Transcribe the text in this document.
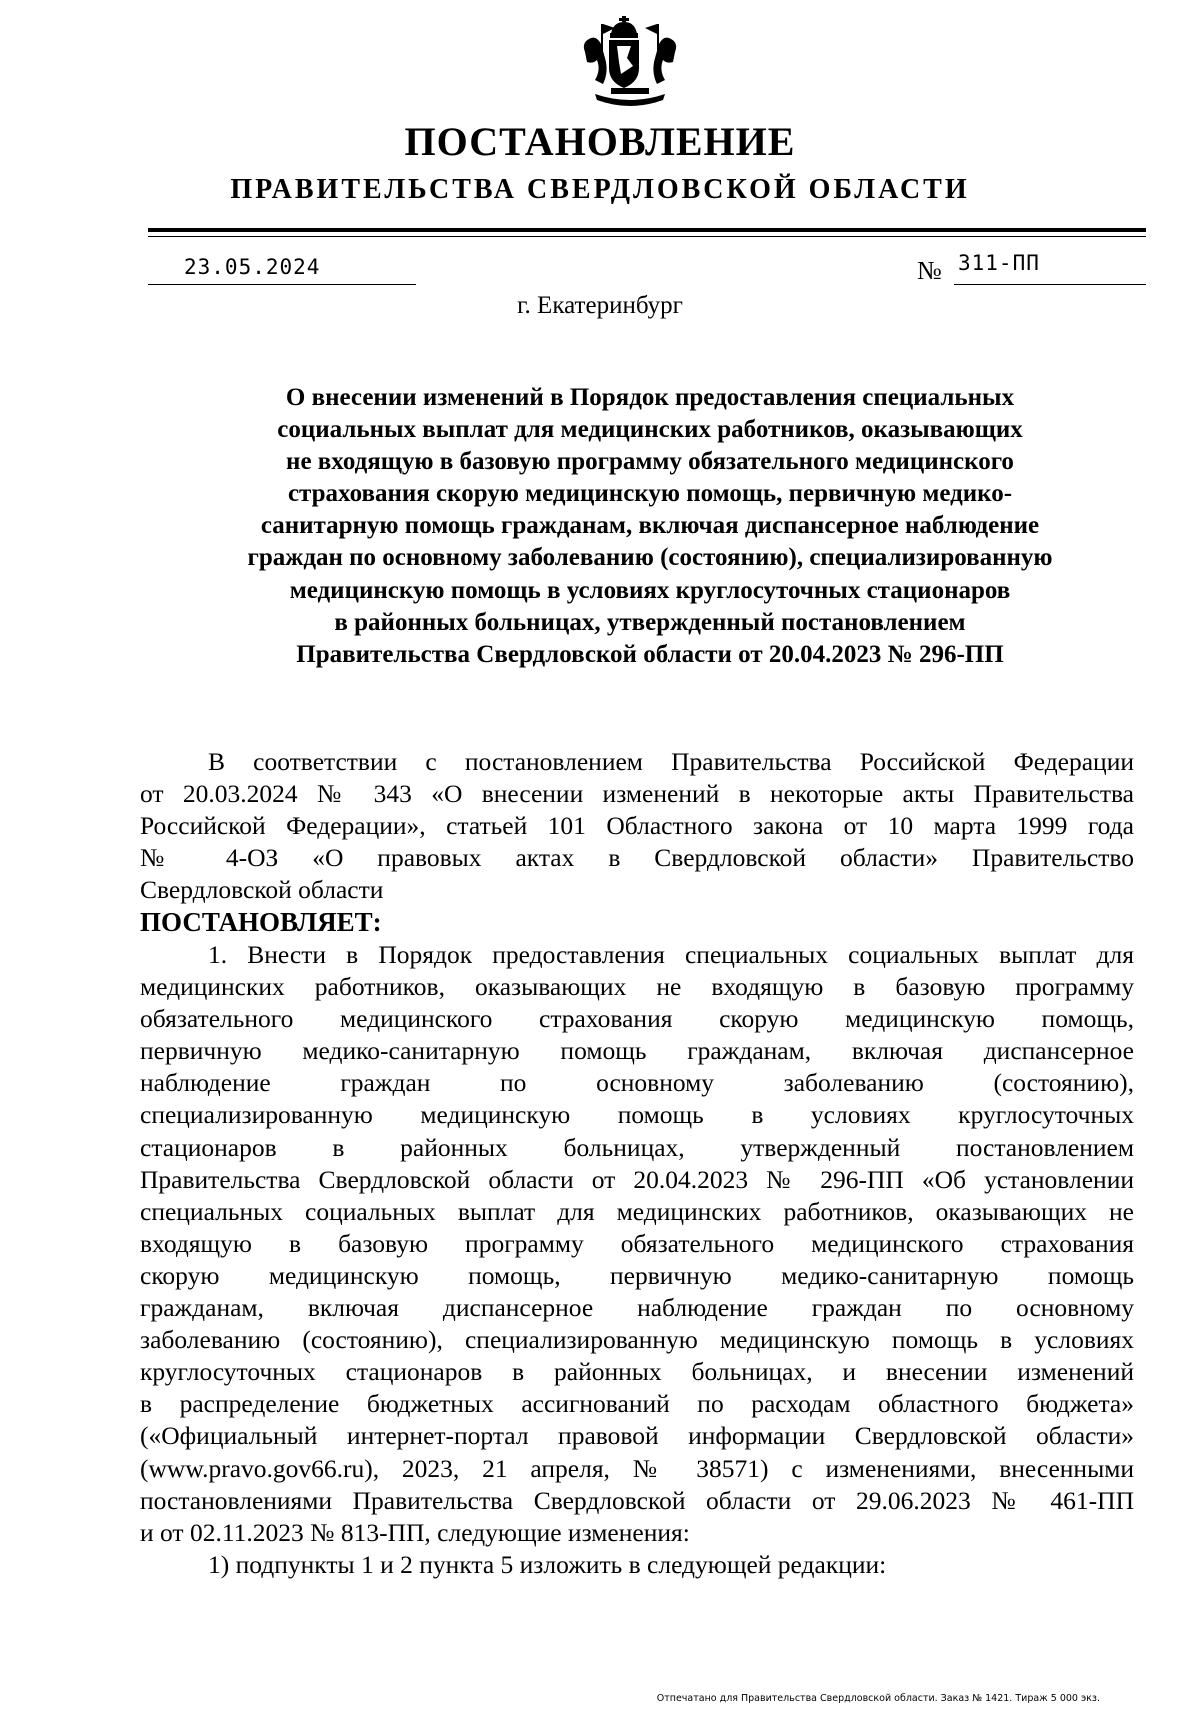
ПОСТАНОВЛЕНИЕ
ПРАВИТЕЛЬСТВА СВЕРДЛОВСКОЙ ОБЛАСТИ
23.05.2024	№ 311-ПП
г. Екатеринбург
О внесении изменений в Порядок предоставления специальных
социальных выплат для медицинских работников, оказывающих
не входящую в базовую программу обязательного медицинского
страхования скорую медицинскую помощь, первичную медико-
санитарную помощь гражданам, включая диспансерное наблюдение
граждан по основному заболеванию (состоянию), специализированную
медицинскую помощь в условиях круглосуточных стационаров
в районных больницах, утвержденный постановлением
Правительства Свердловской области от 20.04.2023 № 296-ПП
В соответствии с постановлением Правительства Российской Федерации
от 20.03.2024 № 343 «О внесении изменений в некоторые акты Правительства
Российской Федерации», статьей 101 Областного закона от 10 марта 1999 года
№ 4-ОЗ «О правовых актах в Свердловской области» Правительство
Свердловской области
ПОСТАНОВЛЯЕТ:
1. Внести в Порядок предоставления специальных социальных выплат для
медицинских работников, оказывающих не входящую в базовую программу
обязательного медицинского страхования скорую медицинскую помощь,
первичную медико-санитарную помощь гражданам, включая диспансерное
наблюдение граждан по основному заболеванию (состоянию),
специализированную медицинскую помощь в условиях круглосуточных
стационаров в районных больницах, утвержденный постановлением
Правительства Свердловской области от 20.04.2023 № 296-ПП «Об установлении
специальных социальных выплат для медицинских работников, оказывающих не
входящую в базовую программу обязательного медицинского страхования
скорую медицинскую помощь, первичную медико-санитарную помощь
гражданам, включая диспансерное наблюдение граждан по основному
заболеванию (состоянию), специализированную медицинскую помощь в условиях
круглосуточных стационаров в районных больницах, и внесении изменений
в распределение бюджетных ассигнований по расходам областного бюджета»
(«Официальный интернет-портал правовой информации Свердловской области»
(www.pravo.gov66.ru), 2023, 21 апреля, № 38571) с изменениями, внесенными
постановлениями Правительства Свердловской области от 29.06.2023 № 461-ПП
и от 02.11.2023 № 813-ПП, следующие изменения:
1) подпункты 1 и 2 пункта 5 изложить в следующей редакции:
Отпечатано для Правительства Свердловской области. Заказ № 1421. Тираж 5 000 экз.
